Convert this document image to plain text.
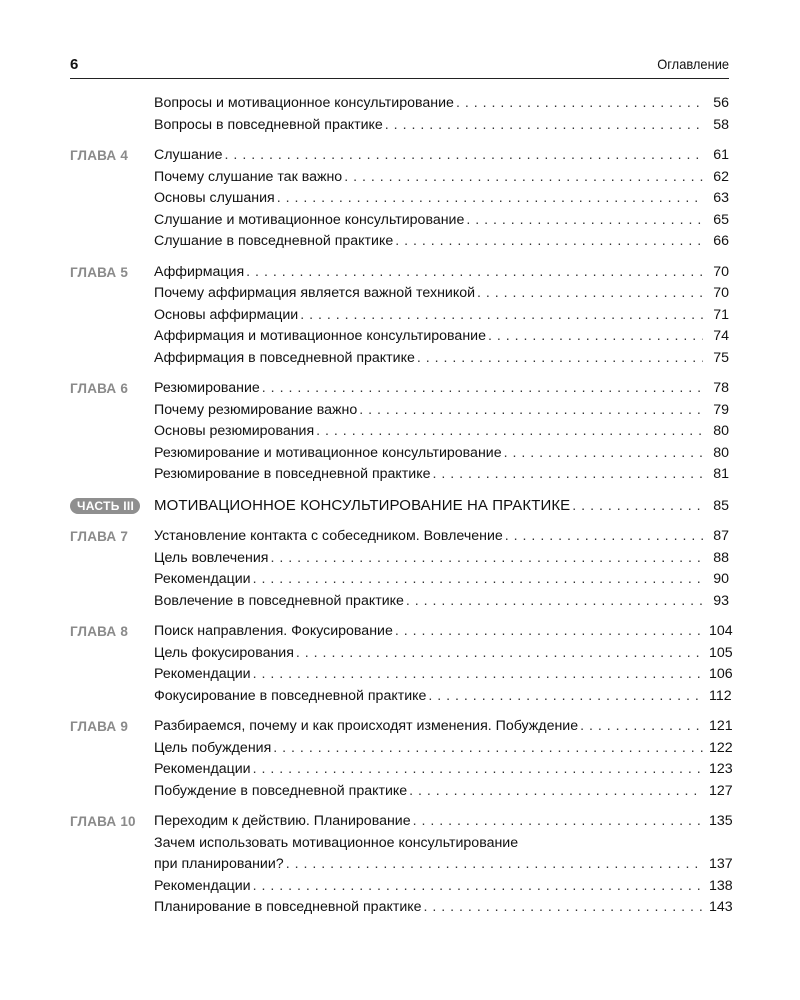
6	Оглавление
Вопросы и мотивационное консультирование . . .	56
Вопросы в повседневной практике . . .	58
ГЛАВА 4	Слушание . . .	61
Почему слушание так важно . . .	62
Основы слушания . . .	63
Слушание и мотивационное консультирование . . .	65
Слушание в повседневной практике . . .	66
ГЛАВА 5	Аффирмация . . .	70
Почему аффирмация является важной техникой . . .	70
Основы аффирмации . . .	71
Аффирмация и мотивационное консультирование . . .	74
Аффирмация в повседневной практике . . .	75
ГЛАВА 6	Резюмирование . . .	78
Почему резюмирование важно . . .	79
Основы резюмирования . . .	80
Резюмирование и мотивационное консультирование . . .	80
Резюмирование в повседневной практике . . .	81
ЧАСТЬ III	МОТИВАЦИОННОЕ КОНСУЛЬТИРОВАНИЕ НА ПРАКТИКЕ . . .	85
ГЛАВА 7	Установление контакта с собеседником. Вовлечение . . .	87
Цель вовлечения . . .	88
Рекомендации . . .	90
Вовлечение в повседневной практике . . .	93
ГЛАВА 8	Поиск направления. Фокусирование . . .	104
Цель фокусирования . . .	105
Рекомендации . . .	106
Фокусирование в повседневной практике . . .	112
ГЛАВА 9	Разбираемся, почему и как происходят изменения. Побуждение . . .	121
Цель побуждения . . .	122
Рекомендации . . .	123
Побуждение в повседневной практике . . .	127
ГЛАВА 10	Переходим к действию. Планирование . . .	135
Зачем использовать мотивационное консультирование
при планировании? . . .	137
Рекомендации . . .	138
Планирование в повседневной практике . . .	143
